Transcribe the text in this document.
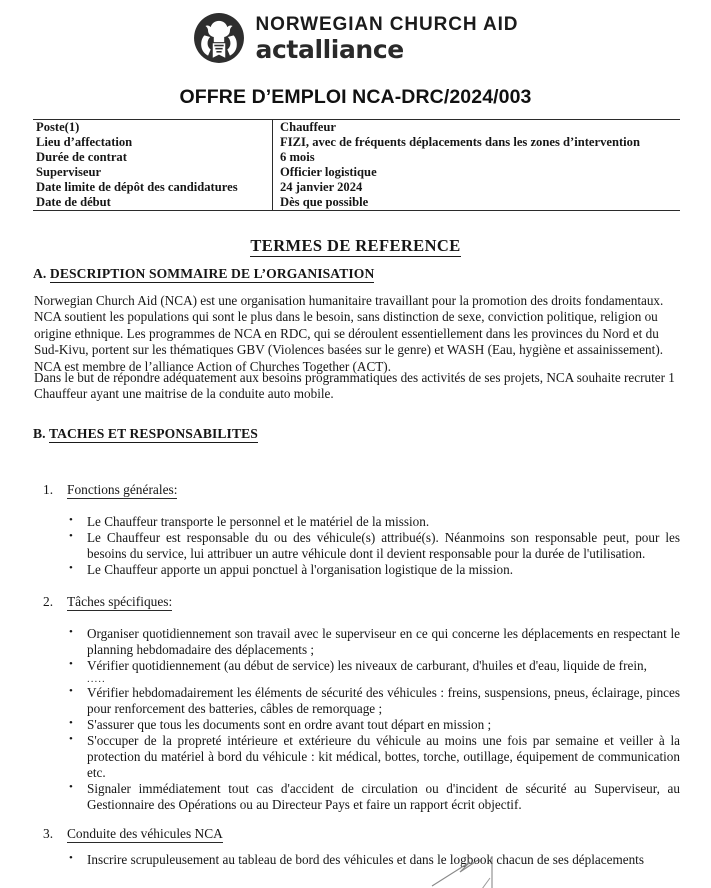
NORWEGIAN CHURCH AID
actalliance
OFFRE D’EMPLOI NCA-DRC/2024/003
Poste(1)	Chauffeur
Lieu d’affectation	FIZI, avec de fréquents déplacements dans les zones d’intervention
Durée de contrat	6 mois
Superviseur	Officier logistique
Date limite de dépôt des candidatures	24 janvier 2024
Date de début	Dès que possible
TERMES DE REFERENCE
A. DESCRIPTION SOMMAIRE DE L’ORGANISATION
Norwegian Church Aid (NCA) est une organisation humanitaire travaillant pour la promotion des droits fondamentaux. NCA soutient les populations qui sont le plus dans le besoin, sans distinction de sexe, conviction politique, religion ou origine ethnique. Les programmes de NCA en RDC, qui se déroulent essentiellement dans les provinces du Nord et du Sud-Kivu, portent sur les thématiques GBV (Violences basées sur le genre) et WASH (Eau, hygiène et assainissement). NCA est membre de l’alliance Action of Churches Together (ACT).
Dans le but de répondre adéquatement aux besoins programmatiques des activités de ses projets, NCA souhaite recruter 1 Chauffeur ayant une maitrise de la conduite auto mobile.
B. TACHES ET RESPONSABILITES
1. Fonctions générales:
• Le Chauffeur transporte le personnel et le matériel de la mission.
• Le Chauffeur est responsable du ou des véhicule(s) attribué(s). Néanmoins son responsable peut, pour les besoins du service, lui attribuer un autre véhicule dont il devient responsable pour la durée de l'utilisation.
• Le Chauffeur apporte un appui ponctuel à l'organisation logistique de la mission.
2. Tâches spécifiques:
• Organiser quotidiennement son travail avec le superviseur en ce qui concerne les déplacements en respectant le planning hebdomadaire des déplacements ;
• Vérifier quotidiennement (au début de service) les niveaux de carburant, d'huiles et d'eau, liquide de frein,
.....
• Vérifier hebdomadairement les éléments de sécurité des véhicules : freins, suspensions, pneus, éclairage, pinces pour renforcement des batteries, câbles de remorquage ;
• S'assurer que tous les documents sont en ordre avant tout départ en mission ;
• S'occuper de la propreté intérieure et extérieure du véhicule au moins une fois par semaine et veiller à la protection du matériel à bord du véhicule : kit médical, bottes, torche, outillage, équipement de communication etc.
• Signaler immédiatement tout cas d'accident de circulation ou d'incident de sécurité au Superviseur, au Gestionnaire des Opérations ou au Directeur Pays et faire un rapport écrit objectif.
3. Conduite des véhicules NCA
• Inscrire scrupuleusement au tableau de bord des véhicules et dans le logbook chacun de ses déplacements
